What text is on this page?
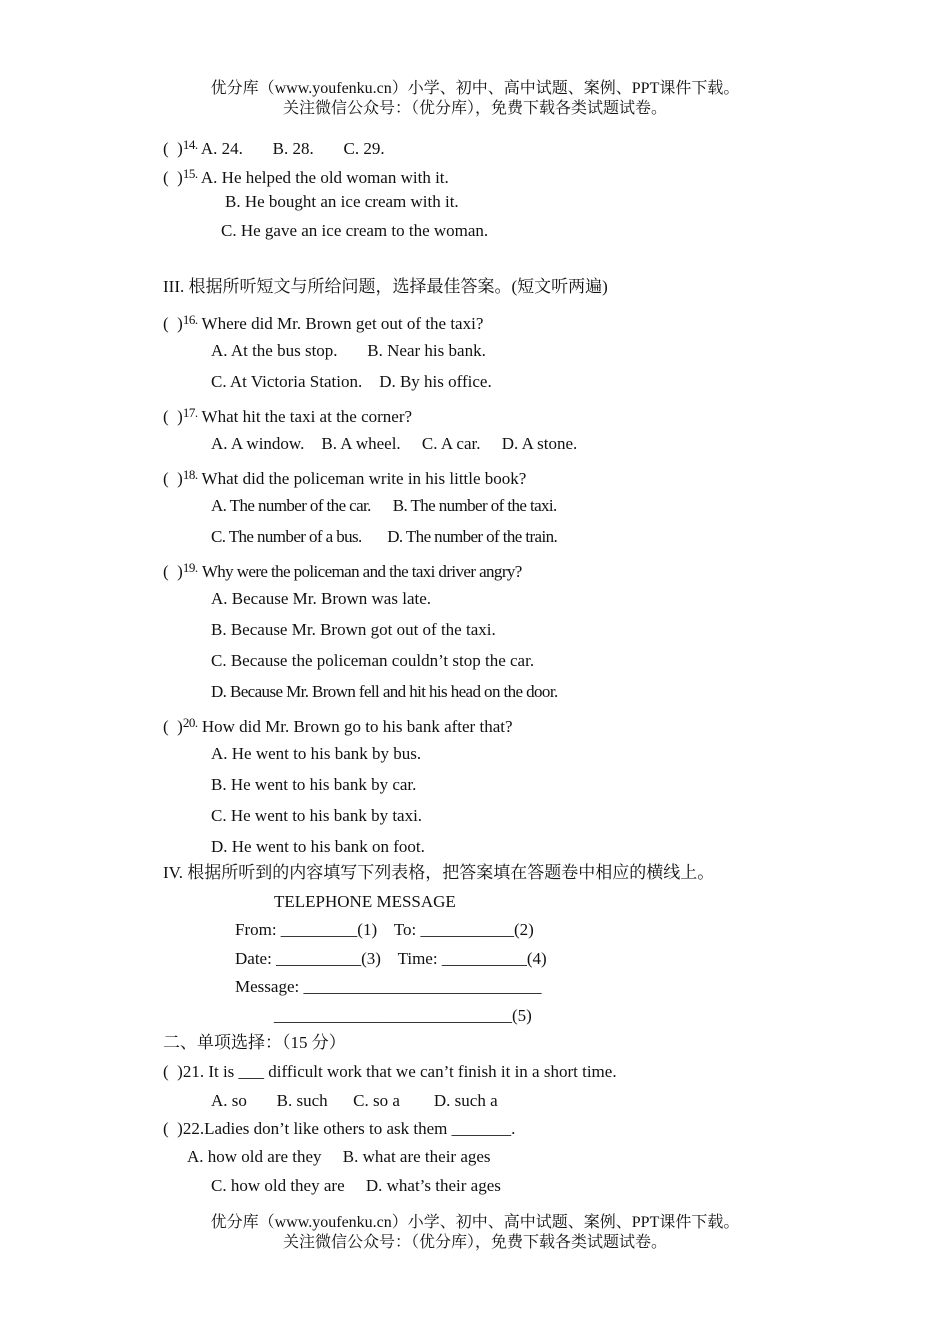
优分库（www.youfenku.cn）小学、初中、高中试题、案例、PPT课件下载。
关注微信公众号：（优分库），免费下载各类试题试卷。
(  )$^{14.}$ A. 24.       B. 28.       C. 29.
(  )$^{15.}$ A. He helped the old woman with it.
B. He bought an ice cream with it.
C. He gave an ice cream to the woman.
III. 根据所听短文与所给问题，选择最佳答案。(短文听两遍)
(  )$^{16.}$ Where did Mr. Brown get out of the taxi?
A. At the bus stop.       B. Near his bank.
C. At Victoria Station.    D. By his office.
(  )$^{17.}$ What hit the taxi at the corner?
A. A window.    B. A wheel.     C. A car.     D. A stone.
(  )$^{18.}$ What did the policeman write in his little book?
A. The number of the car.      B. The number of the taxi.
C. The number of a bus.       D. The number of the train.
(  )$^{19.}$ Why were the policeman and the taxi driver angry?
A. Because Mr. Brown was late.
B. Because Mr. Brown got out of the taxi.
C. Because the policeman couldn’t stop the car.
D. Because Mr. Brown fell and hit his head on the door.
(  )$^{20.}$ How did Mr. Brown go to his bank after that?
A. He went to his bank by bus.
B. He went to his bank by car.
C. He went to his bank by taxi.
D. He went to his bank on foot.
IV. 根据所听到的内容填写下列表格，把答案填在答题卷中相应的横线上。
TELEPHONE MESSAGE
From: _________(1)    To: ___________(2)
Date: __________(3)    Time: __________(4)
Message: ____________________________
____________________________(5)
二、单项选择：（15 分）
(  )21. It is ___ difficult work that we can’t finish it in a short time.
A. so       B. such      C. so a        D. such a
(  )22.Ladies don’t like others to ask them _______.
A. how old are they     B. what are their ages
C. how old they are     D. what’s their ages
优分库（www.youfenku.cn）小学、初中、高中试题、案例、PPT课件下载。
关注微信公众号：（优分库），免费下载各类试题试卷。
